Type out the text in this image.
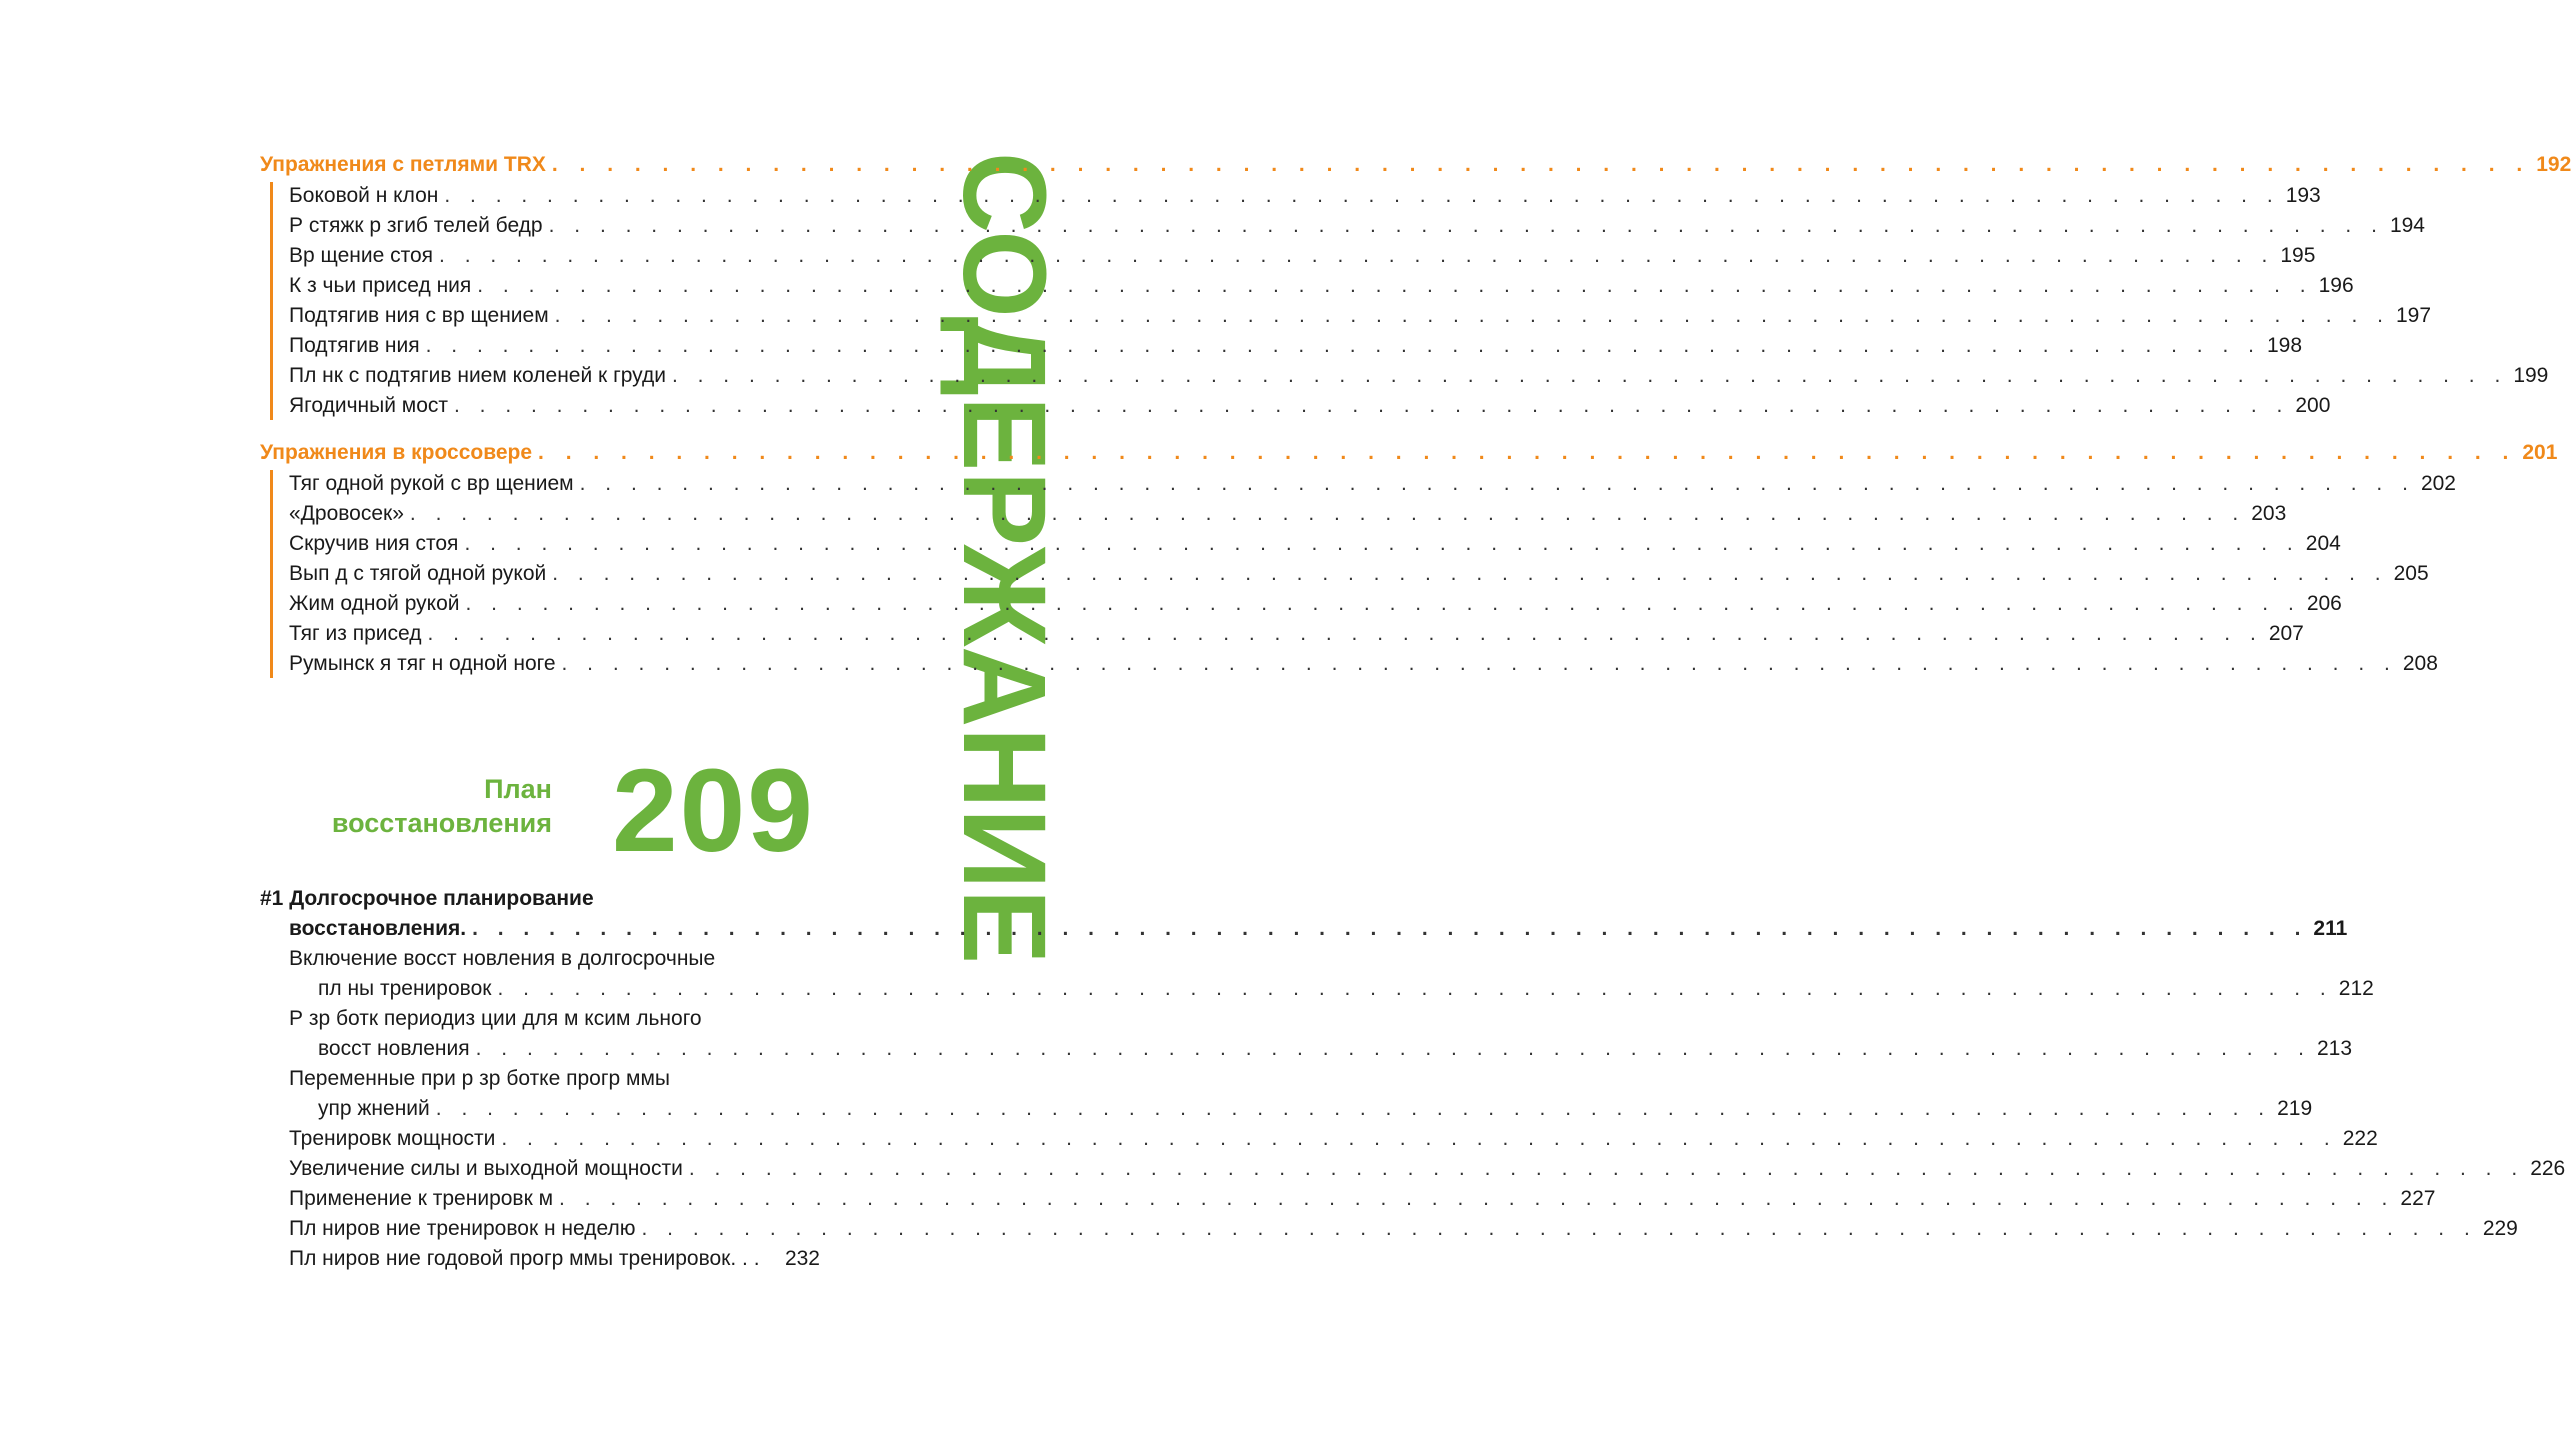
СОДЕРЖАНИЕ
Упражнения с петлями TRX . . .	192
Боковой н клон . . .	193
Р стяжк р згиб телей бедр . . .	194
Вр щение стоя . . .	195
К з чьи присед ния . . .	196
Подтягив ния с вр щением . . .	197
Подтягив ния . . .	198
Пл нк с подтягив нием коленей к груди . . .	199
Ягодичный мост . . .	200
Упражнения в кроссовере . . .	201
Тяг одной рукой с вр щением . . .	202
«Дровосек» . . .	203
Скручив ния стоя . . .	204
Вып д с тягой одной рукой . . .	205
Жим одной рукой . . .	206
Тяг из присед . . .	207
Румынск я тяг н одной ноге . . .	208
План
восстановления 209
#1 Долгосрочное планирование
восстановления. . . .	211
Включение восст новления в долгосрочные
пл ны тренировок . . .	212
Р зр ботк периодиз ции для м ксим льного
восст новления . . .	213
Переменные при р зр ботке прогр ммы
упр жнений . . .	219
Тренировк мощности . . .	222
Увеличение силы и выходной мощности . . .	226
Применение к тренировк м . . .	227
Пл ниров ние тренировок н неделю . . .	229
Пл ниров ние годовой прогр ммы тренировок. . . 232
